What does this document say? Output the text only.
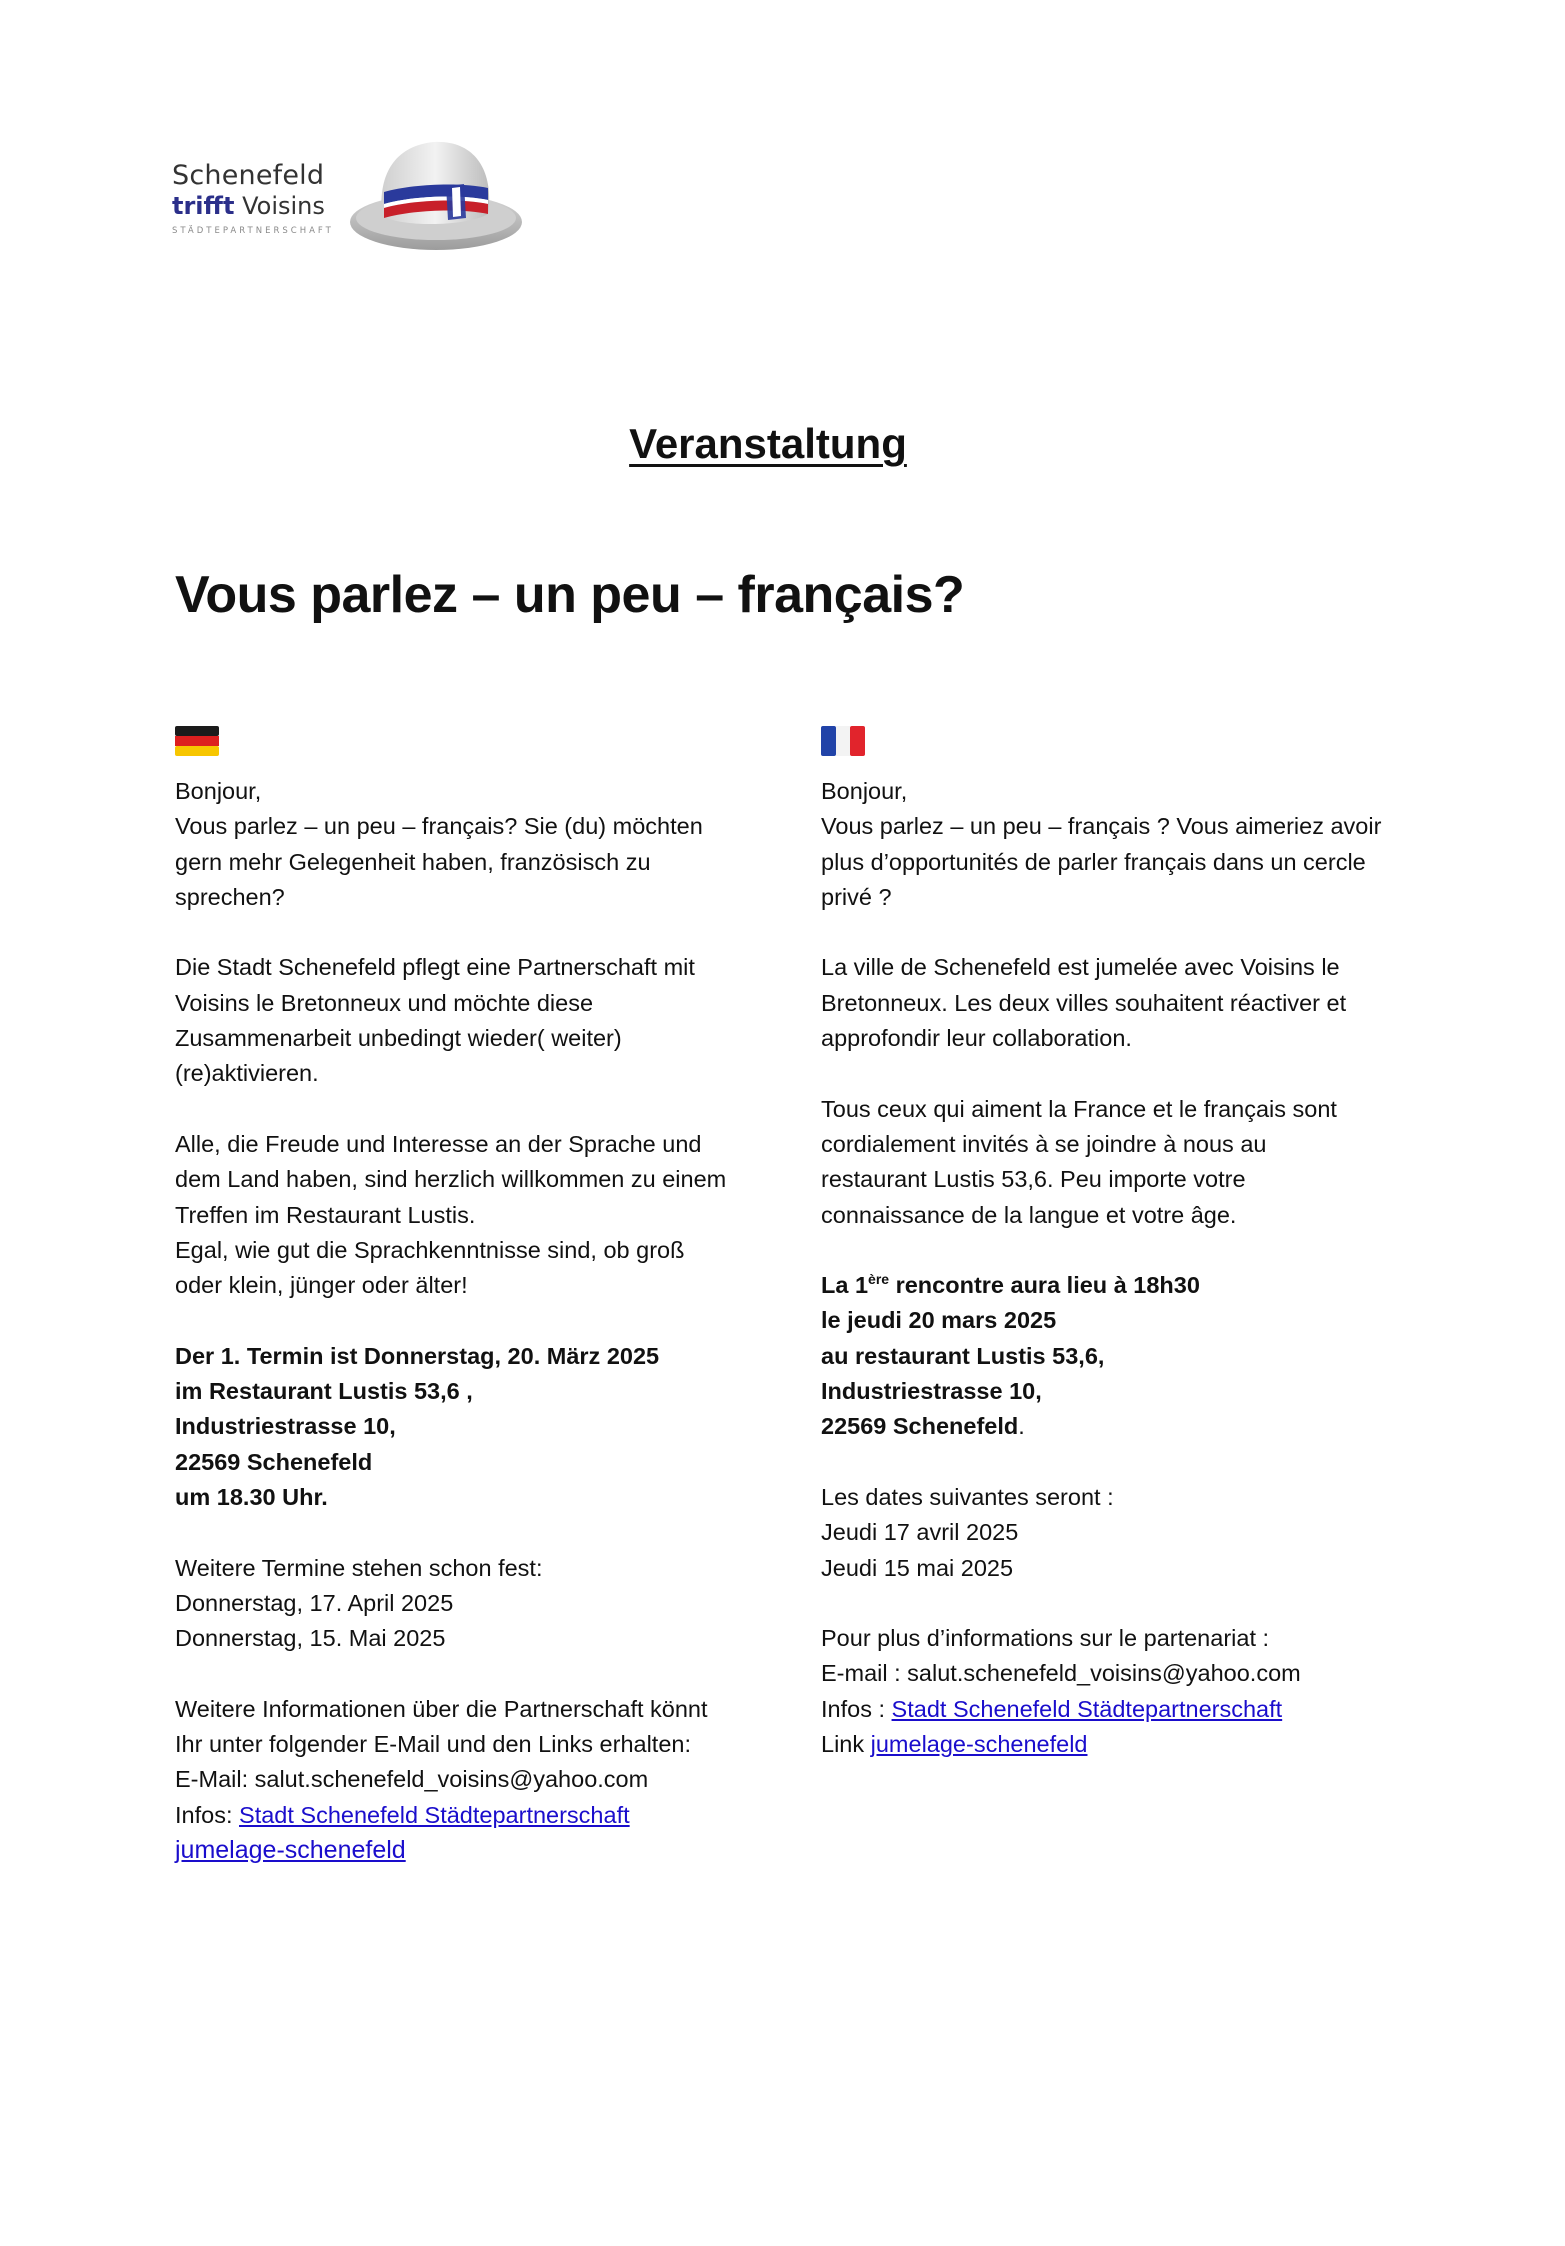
Schenefeld
trifft Voisins
STÄDTEPARTNERSCHAFT
Veranstaltung
Vous parlez – un peu – français?

Bonjour,
Vous parlez – un peu – français? Sie (du) möchten
gern mehr Gelegenheit haben, französisch zu
sprechen?

Die Stadt Schenefeld pflegt eine Partnerschaft mit
Voisins le Bretonneux und möchte diese
Zusammenarbeit unbedingt wieder( weiter)
(re)aktivieren.

Alle, die Freude und Interesse an der Sprache und
dem Land haben, sind herzlich willkommen zu einem
Treffen im Restaurant Lustis.
Egal, wie gut die Sprachkenntnisse sind, ob groß
oder klein, jünger oder älter!

Der 1. Termin ist Donnerstag, 20. März 2025
im Restaurant Lustis 53,6 ,
Industriestrasse 10,
22569 Schenefeld
um 18.30 Uhr.

Weitere Termine stehen schon fest:
Donnerstag, 17. April 2025
Donnerstag, 15. Mai 2025

Weitere Informationen über die Partnerschaft könnt
Ihr unter folgender E-Mail und den Links erhalten:
E-Mail: salut.schenefeld_voisins@yahoo.com
Infos: Stadt Schenefeld Städtepartnerschaft
jumelage-schenefeld

Bonjour,
Vous parlez – un peu – français ? Vous aimeriez avoir
plus d’opportunités de parler français dans un cercle
privé ?

La ville de Schenefeld est jumelée avec Voisins le
Bretonneux. Les deux villes souhaitent réactiver et
approfondir leur collaboration.

Tous ceux qui aiment la France et le français sont
cordialement invités à se joindre à nous au
restaurant Lustis 53,6. Peu importe votre
connaissance de la langue et votre âge.

La 1ère rencontre aura lieu à 18h30
le jeudi 20 mars 2025
au restaurant Lustis 53,6,
Industriestrasse 10,
22569 Schenefeld.

Les dates suivantes seront :
Jeudi 17 avril 2025
Jeudi 15 mai 2025

Pour plus d’informations sur le partenariat :
E-mail : salut.schenefeld_voisins@yahoo.com
Infos : Stadt Schenefeld Städtepartnerschaft
Link jumelage-schenefeld
